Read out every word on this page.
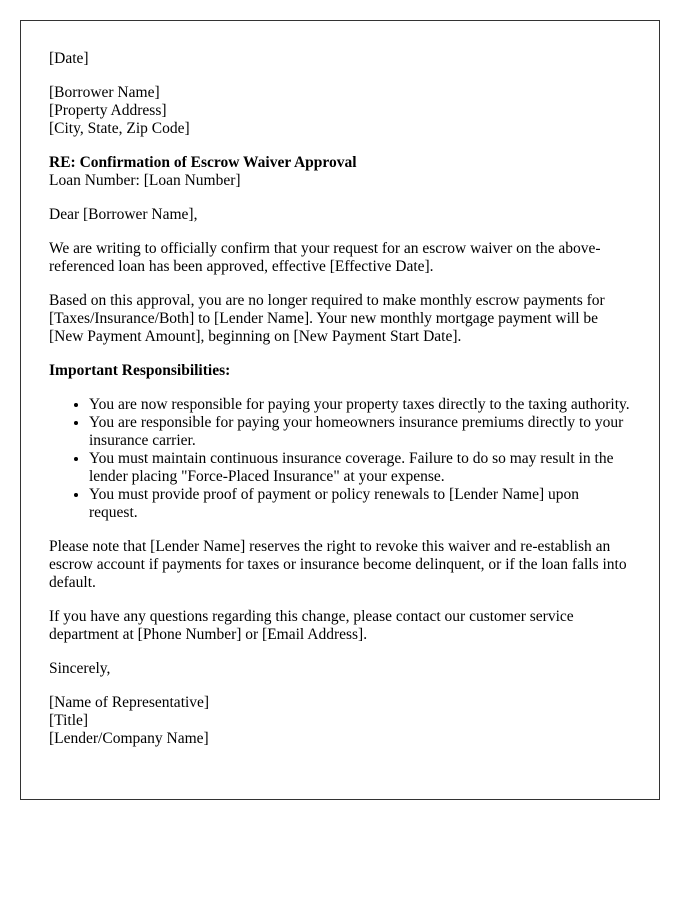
[Date]
[Borrower Name]
[Property Address]
[City, State, Zip Code]
RE: Confirmation of Escrow Waiver Approval
Loan Number: [Loan Number]

Dear [Borrower Name],

We are writing to officially confirm that your request for an escrow waiver on the above-referenced loan has been approved, effective [Effective Date].

Based on this approval, you are no longer required to make monthly escrow payments for [Taxes/Insurance/Both] to [Lender Name]. Your new monthly mortgage payment will be [New Payment Amount], beginning on [New Payment Start Date].

Important Responsibilities:
• You are now responsible for paying your property taxes directly to the taxing authority.
• You are responsible for paying your homeowners insurance premiums directly to your insurance carrier.
• You must maintain continuous insurance coverage. Failure to do so may result in the lender placing "Force-Placed Insurance" at your expense.
• You must provide proof of payment or policy renewals to [Lender Name] upon request.

Please note that [Lender Name] reserves the right to revoke this waiver and re-establish an escrow account if payments for taxes or insurance become delinquent, or if the loan falls into default.

If you have any questions regarding this change, please contact our customer service department at [Phone Number] or [Email Address].

Sincerely,

[Name of Representative]
[Title]
[Lender/Company Name]
